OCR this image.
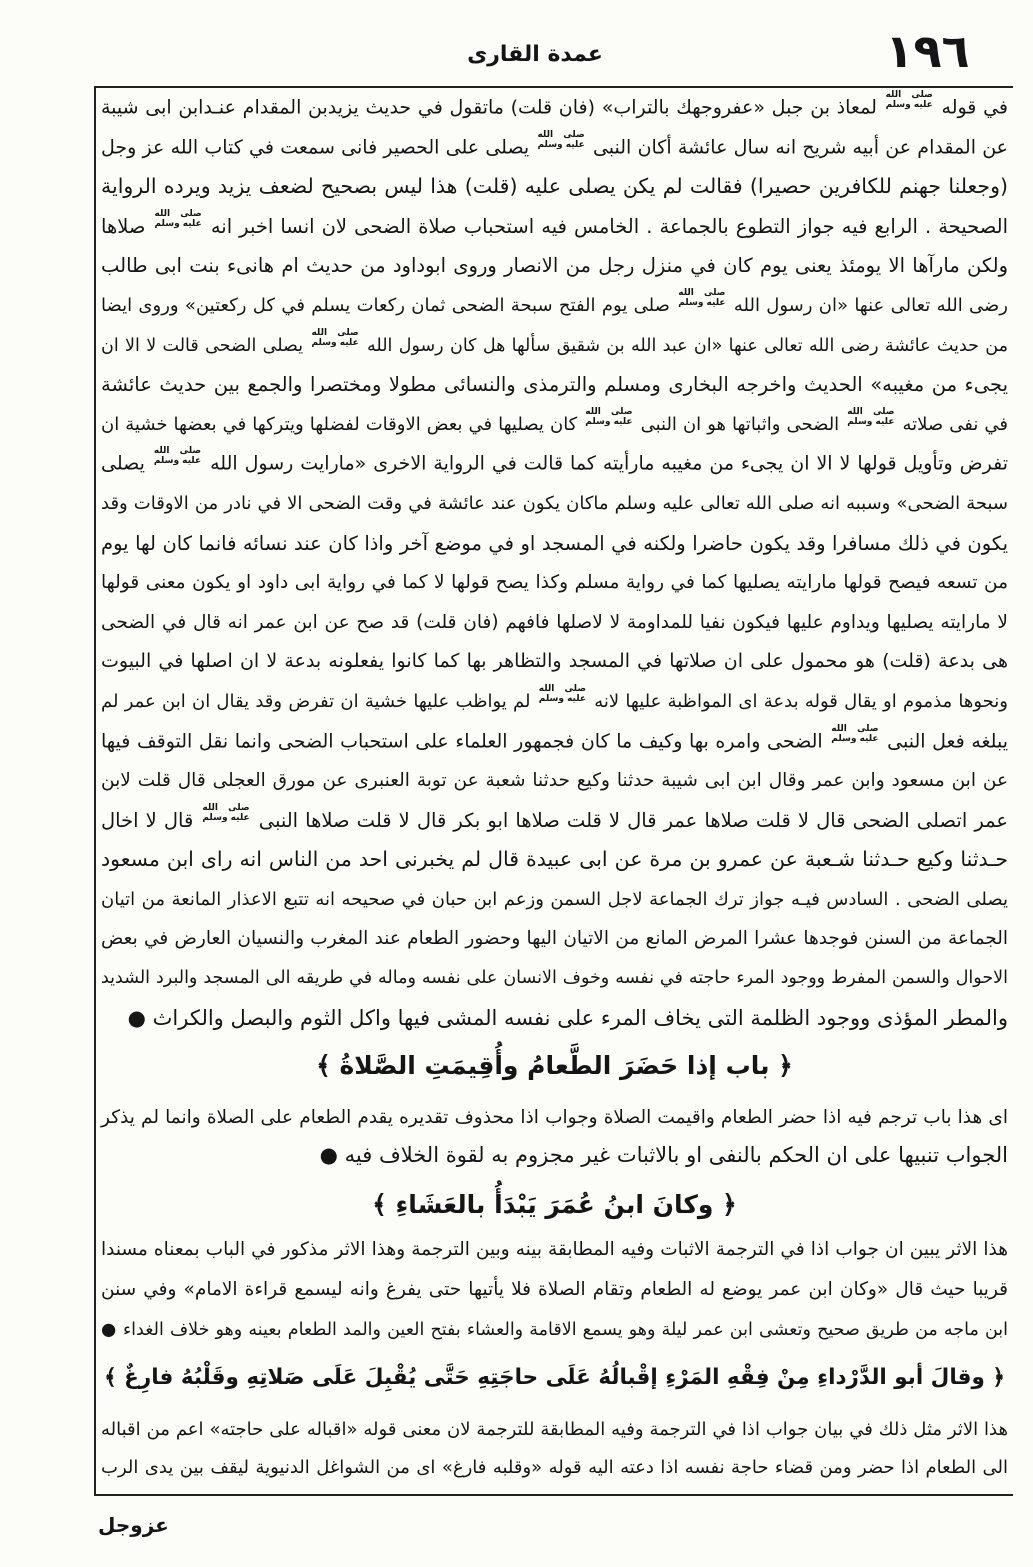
١٩٦
عمدة القارى
في قوله  لمعاذ بن جبل «عفروجهك بالتراب» (فان قلت) ماتقول في حديث يزيدبن المقدام عنـدابن ابى شيبة
عن المقدام عن أبيه شريح انه سال عائشة أكان النبى  يصلى على الحصير فانى سمعت في كتاب الله عز وجل
(وجعلنا جهنم للكافرين حصيرا) فقالت لم يكن يصلى عليه (قلت) هذا ليس بصحيح لضعف يزيد ويرده الرواية
الصحيحة . الرابع فيه جواز التطوع بالجماعة . الخامس فيه استحباب صلاة الضحى لان انسا اخبر انه  صلاها
ولكن مارآها الا يومئذ يعنى يوم كان في منزل رجل من الانصار وروى ابوداود من حديث ام هانىء بنت ابى طالب
رضى الله تعالى عنها «ان رسول الله  صلى يوم الفتح سبحة الضحى ثمان ركعات يسلم في كل ركعتين» وروى ايضا
من حديث عائشة رضى الله تعالى عنها «ان عبد الله بن شقيق سألها هل كان رسول الله  يصلى الضحى قالت لا الا ان
يجىء من مغيبه» الحديث واخرجه البخارى ومسلم والترمذى والنسائى مطولا ومختصرا والجمع بين حديث عائشة
في نفى صلاته  الضحى واثباتها هو ان النبى  كان يصليها في بعض الاوقات لفضلها ويتركها في بعضها خشية ان
تفرض وتأويل قولها لا الا ان يجىء من مغيبه مارأيته كما قالت في الرواية الاخرى «مارايت رسول الله  يصلى
سبحة الضحى» وسببه انه صلى الله تعالى عليه وسلم ماكان يكون عند عائشة في وقت الضحى الا في نادر من الاوقات وقد
يكون في ذلك مسافرا وقد يكون حاضرا ولكنه في المسجد او في موضع آخر واذا كان عند نسائه فانما كان لها يوم
من تسعه فيصح قولها مارايته يصليها كما في رواية مسلم وكذا يصح قولها لا كما في رواية ابى داود او يكون معنى قولها
لا مارايته يصليها ويداوم عليها فيكون نفيا للمداومة لا لاصلها فافهم (فان قلت) قد صح عن ابن عمر انه قال في الضحى
هى بدعة (قلت) هو محمول على ان صلاتها في المسجد والتظاهر بها كما كانوا يفعلونه بدعة لا ان اصلها في البيوت
ونحوها مذموم او يقال قوله بدعة اى المواظبة عليها لانه  لم يواظب عليها خشية ان تفرض وقد يقال ان ابن عمر لم
يبلغه فعل النبى  الضحى وامره بها وكيف ما كان فجمهور العلماء على استحباب الضحى وانما نقل التوقف فيها
عن ابن مسعود وابن عمر وقال ابن ابى شيبة حدثنا وكيع حدثنا شعبة عن توبة العنبرى عن مورق العجلى قال قلت لابن
عمر اتصلى الضحى قال لا قلت صلاها عمر قال لا قلت صلاها ابو بكر قال لا قلت صلاها النبى  قال لا اخال
حـدثنا وكيع حـدثنا شـعبة عن عمرو بن مرة عن ابى عبيدة قال لم يخبرنى احد من الناس انه راى ابن مسعود
يصلى الضحى . السادس فيـه جواز ترك الجماعة لاجل السمن وزعم ابن حبان في صحيحه انه تتبع الاعذار المانعة من اتيان
الجماعة من السنن فوجدها عشرا المرض المانع من الاتيان اليها وحضور الطعام عند المغرب والنسيان العارض في بعض
الاحوال والسمن المفرط ووجود المرء حاجته في نفسه وخوف الانسان على نفسه وماله في طريقه الى المسجد والبرد الشديد
والمطر المؤذى ووجود الظلمة التى يخاف المرء على نفسه المشى فيها واكل الثوم والبصل والكراث ●
﴿ باب إذا حَضَرَ الطَّعامُ وأُقِيمَتِ الصَّلاةُ ﴾
اى هذا باب ترجم فيه اذا حضر الطعام واقيمت الصلاة وجواب اذا محذوف تقديره يقدم الطعام على الصلاة وانما لم يذكر
الجواب تنبيها على ان الحكم بالنفى او بالاثبات غير مجزوم به لقوة الخلاف فيه ●
﴿ وكانَ ابنُ عُمَرَ يَبْدَأُ بالعَشَاءِ ﴾
هذا الاثر يبين ان جواب اذا في الترجمة الاثبات وفيه المطابقة بينه وبين الترجمة وهذا الاثر مذكور في الباب بمعناه مسندا
قريبا حيث قال «وكان ابن عمر يوضع له الطعام وتقام الصلاة فلا يأتيها حتى يفرغ وانه ليسمع قراءة الامام» وفي سنن
ابن ماجه من طريق صحيح وتعشى ابن عمر ليلة وهو يسمع الاقامة والعشاء بفتح العين والمد الطعام بعينه وهو خلاف الغداء ●
﴿ وقالَ أبو الدَّرْداءِ مِنْ فِقْهِ المَرْءِ إقْبالُهُ عَلَى حاجَتِهِ حَتَّى يُقْبِلَ عَلَى صَلاتِهِ وقَلْبُهُ فارِغٌ ﴾
هذا الاثر مثل ذلك في بيان جواب اذا في الترجمة وفيه المطابقة للترجمة لان معنى قوله «اقباله على حاجته» اعم من اقباله
الى الطعام اذا حضر ومن قضاء حاجة نفسه اذا دعته اليه قوله «وقلبه فارغ» اى من الشواغل الدنيوية ليقف بين يدى الرب
عزوجل
